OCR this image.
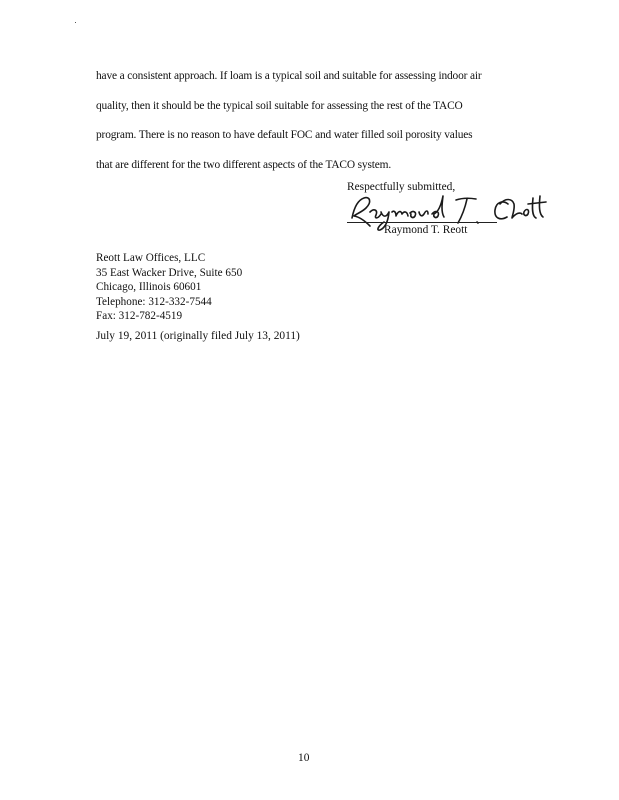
have a consistent approach. If loam is a typical soil and suitable for assessing indoor air
quality, then it should be the typical soil suitable for assessing the rest of the TACO
program. There is no reason to have default FOC and water filled soil porosity values
that are different for the two different aspects of the TACO system.
Respectfully submitted,
Raymond T. Reott
Reott Law Offices, LLC
35 East Wacker Drive, Suite 650
Chicago, Illinois 60601
Telephone: 312-332-7544
Fax: 312-782-4519
July 19, 2011 (originally filed July 13, 2011)
10
